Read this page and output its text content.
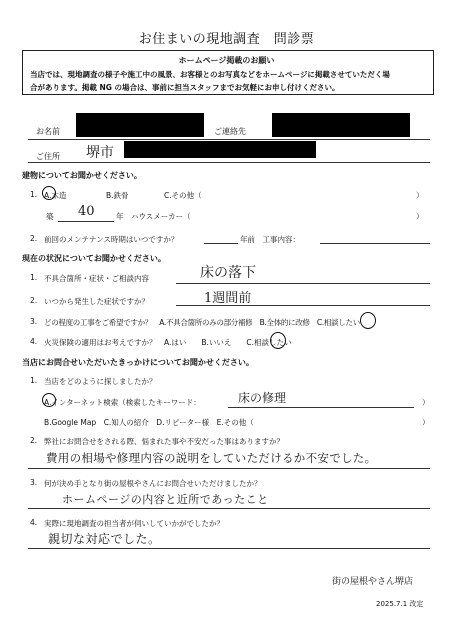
お住まいの現地調査　問診票
ホームページ掲載のお願い
当店では、現地調査の様子や施工中の風景、お客様とのお写真などをホームページに掲載させていただく場
合があります。掲載 NG の場合は、事前に担当スタッフまでお気軽にお申し付けください。
お名前	ご連絡先
ご住所 堺市
建物についてお聞かせください。
1. A.木造	B.鉄骨	C.その他（	）
築 40	年　ハウスメーカー（	）
2. 前回のメンテナンス時期はいつですか？	年前　工事内容：
現在の状況についてお聞かせください。
1. 不具合箇所・症状・ご相談内容	床の落下
2. いつから発生した症状ですか？	1週間前
3. どの程度の工事をご希望ですか？　A.不具合箇所のみの部分補修　B.全体的に改修　C.相談したい
4. 火災保険の適用はお考えですか？　A.はい　　B.いいえ　　C.相談したい
当店にお問合せいただいたきっかけについてお聞かせください。
1. 当店をどのように探しましたか？
A.インターネット検索（検索したキーワード：	床の修理	）
B.Google Map　C.知人の紹介　D.リピーター様　E.その他（	）
2. 弊社にお問合せをされる際、悩まれた事や不安だった事はありますか？
費用の相場や修理内容の説明をしていただけるか不安でした。
3. 何が決め手となり街の屋根やさんにお問合せいただけましたか？
ホームページの内容と近所であったこと
4. 実際に現地調査の担当者が伺いしていかがでしたか？
親切な対応でした。
街の屋根やさん堺店
2025.7.1 改定
